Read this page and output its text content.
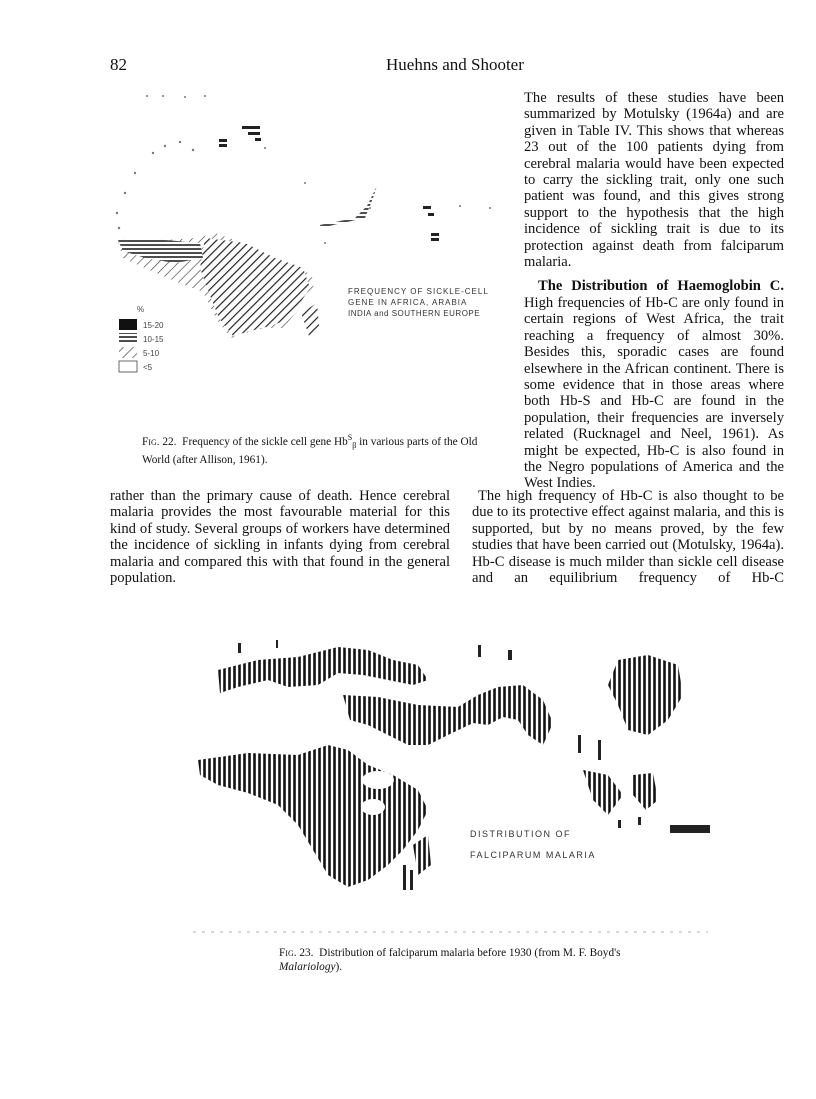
82	Huehns and Shooter
FREQUENCY OF SICKLE-CELL
GENE IN AFRICA, ARABIA
INDIA and SOUTHERN EUROPE
%
15-20
10-15
5-10
<5

Fig. 22. Frequency of the sickle cell gene $Hb^S_\beta$ in various parts of the Old World (after Allison, 1961).

The results of these studies have been summarized by Motulsky (1964a) and are given in Table IV. This shows that whereas 23 out of the 100 patients dying from cerebral malaria would have been expected to carry the sickling trait, only one such patient was found, and this gives strong support to the hypothesis that the high incidence of sickling trait is due to its protection against death from falciparum malaria.

The Distribution of Haemoglobin C. High frequencies of Hb-C are only found in certain regions of West Africa, the trait reaching a frequency of almost 30%. Besides this, sporadic cases are found elsewhere in the African continent. There is some evidence that in those areas where both Hb-S and Hb-C are found in the population, their frequencies are inversely related (Rucknagel and Neel, 1961). As might be expected, Hb-C is also found in the Negro populations of America and the West Indies.

rather than the primary cause of death. Hence cerebral malaria provides the most favourable material for this kind of study. Several groups of workers have determined the incidence of sickling in infants dying from cerebral malaria and compared this with that found in the general population.

The high frequency of Hb-C is also thought to be due to its protective effect against malaria, and this is supported, but by no means proved, by the few studies that have been carried out (Motulsky, 1964a). Hb-C disease is much milder than sickle cell disease and an equilibrium frequency of Hb-C

DISTRIBUTION OF
FALCIPARUM MALARIA

Fig. 23. Distribution of falciparum malaria before 1930 (from M. F. Boyd's Malariology).
